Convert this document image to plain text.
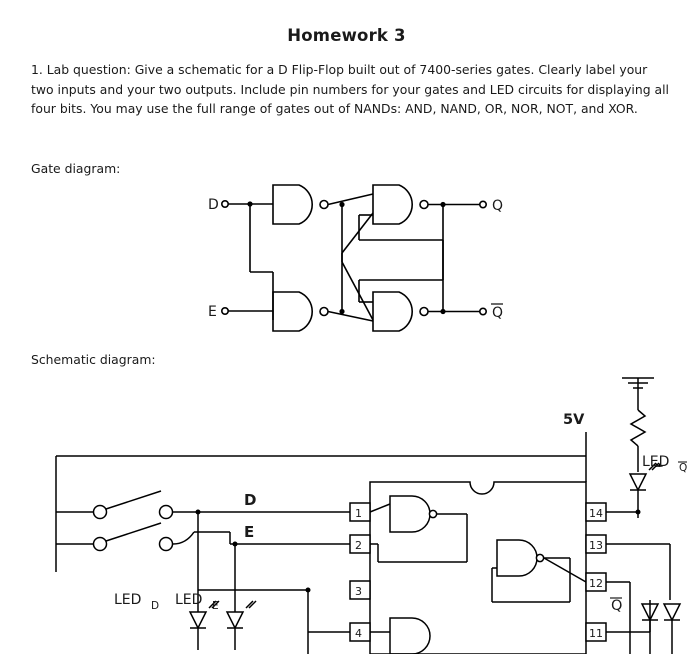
Homework 3
1. Lab question: Give a schematic for a D Flip-Flop built out of 7400-series gates. Clearly label your two inputs and your two outputs. Include pin numbers for your gates and LED circuits for displaying all four bits. You may use the full range of gates out of NANDs: AND, NAND, OR, NOR, NOT, and XOR.
Gate diagram:
Schematic diagram:
D
E
Q
Q
5V
D
E
LED Q
LED D LED E	Q
1
2
3
4
14
13
12
11
